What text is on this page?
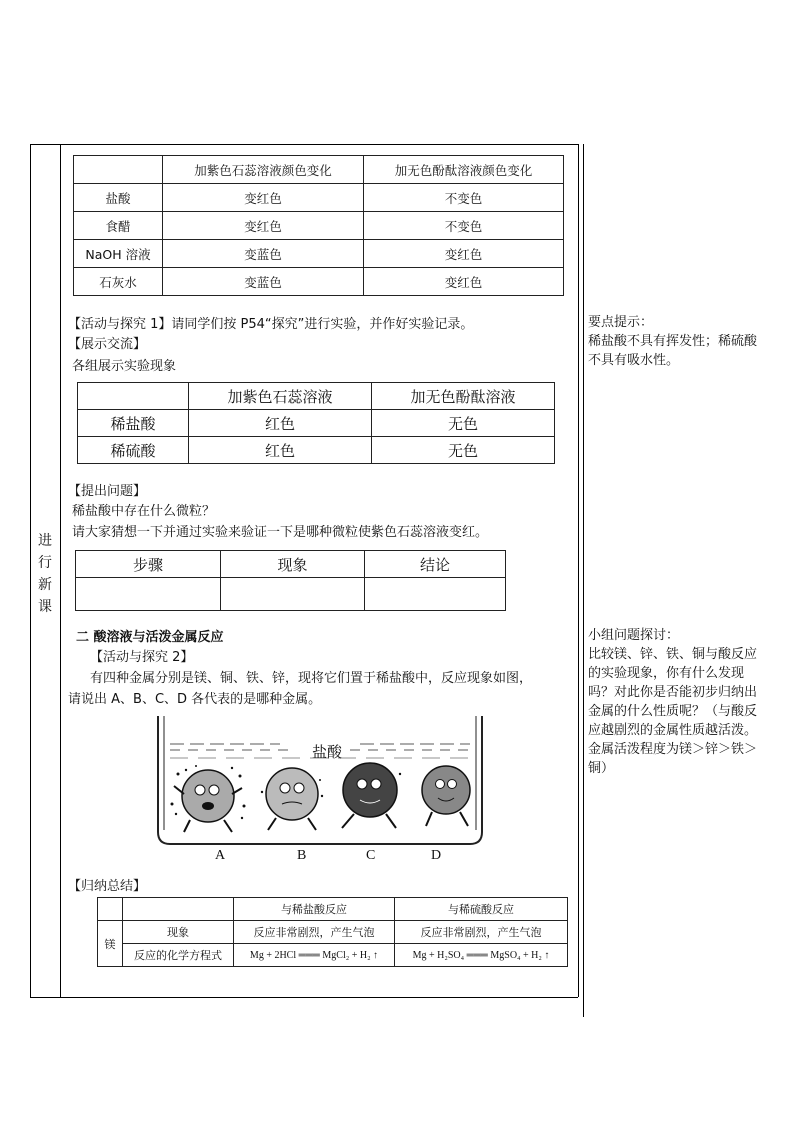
进
行
新
课
	加紫色石蕊溶液颜色变化	加无色酚酞溶液颜色变化
盐酸	变红色	不变色
食醋	变红色	不变色
NaOH 溶液	变蓝色	变红色
石灰水	变蓝色	变红色
【活动与探究 1】请同学们按 P54“探究”进行实验，并作好实验记录。
【展示交流】
各组展示实验现象
	加紫色石蕊溶液	加无色酚酞溶液
稀盐酸	红色	无色
稀硫酸	红色	无色
【提出问题】
稀盐酸中存在什么微粒？
请大家猜想一下并通过实验来验证一下是哪种微粒使紫色石蕊溶液变红。
步骤	现象	结论

二 酸溶液与活泼金属反应
【活动与探究 2】
有四种金属分别是镁、铜、铁、锌，现将它们置于稀盐酸中，反应现象如图，
请说出 A、B、C、D 各代表的是哪种金属。
盐酸
A	B	C	D
【归纳总结】
		与稀盐酸反应	与稀硫酸反应
镁	现象	反应非常剧烈，产生气泡	反应非常剧烈，产生气泡
	反应的化学方程式	Mg + 2HCl ═══ MgCl₂ + H₂ ↑	Mg + H₂SO₄ ═══ MgSO₄ + H₂ ↑
要点提示：
稀盐酸不具有挥发性；稀硫酸不具有吸水性。
小组问题探讨：
比较镁、锌、铁、铜与酸反应的实验现象，你有什么发现吗？对此你是否能初步归纳出金属的什么性质呢？（与酸反应越剧烈的金属性质越活泼。金属活泼程度为镁＞锌＞铁＞铜）
